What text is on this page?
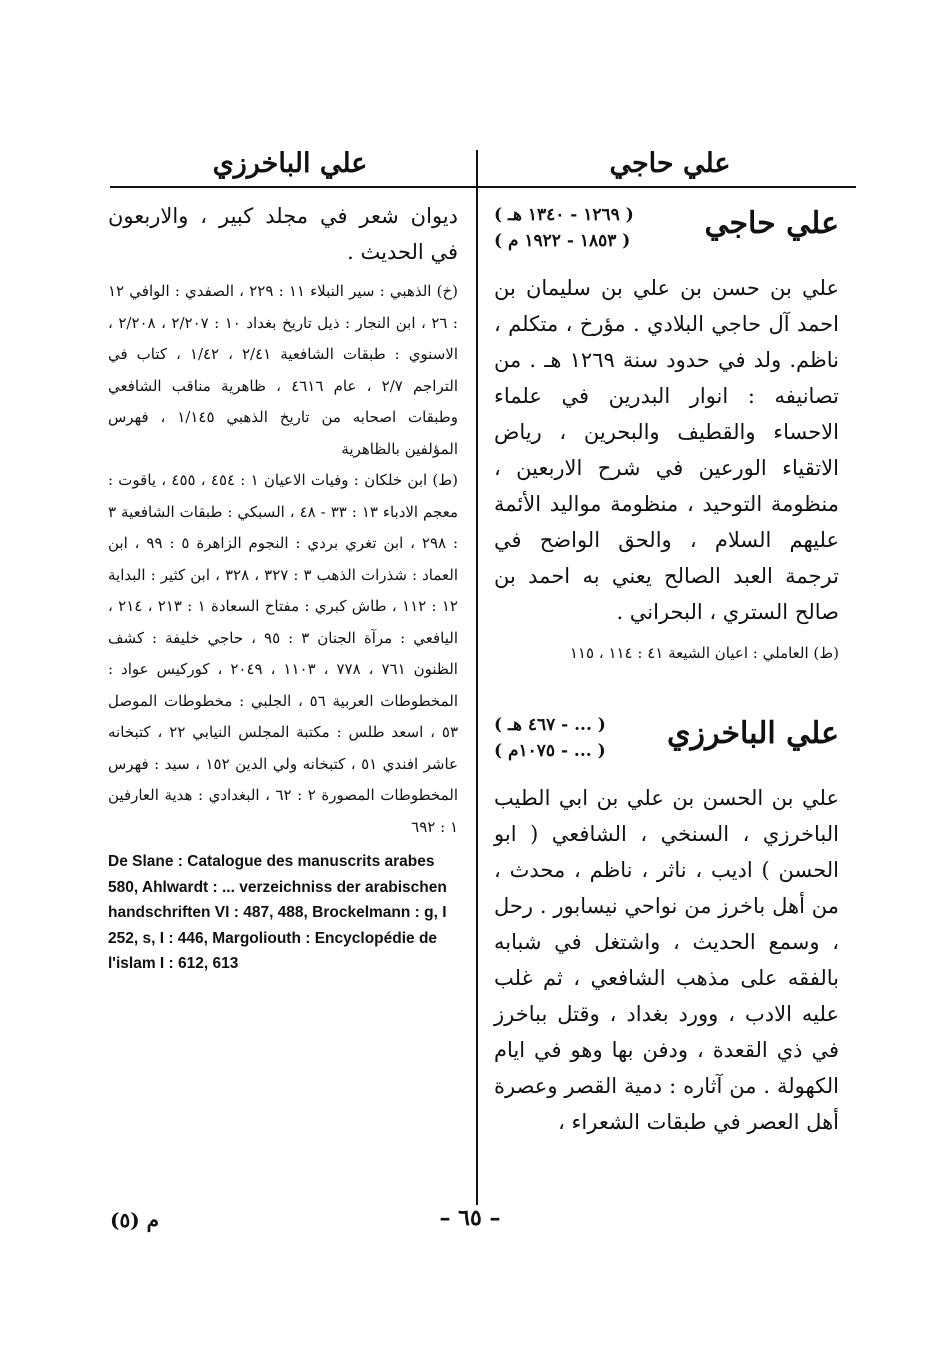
علي حاجي
علي الباخرزي
علي حاجي
( ١٢٦٩ - ١٣٤٠ هـ )
( ١٨٥٣ - ١٩٢٢ م )

علي بن حسن بن علي بن سليمان بن احمد آل حاجي البلادي . مؤرخ ، متكلم ، ناظم. ولد في حدود سنة ١٢٦٩ هـ . من تصانيفه : انوار البدرين في علماء الاحساء والقطيف والبحرين ، رياض الاتقياء الورعين في شرح الاربعين ، منظومة التوحيد ، منظومة مواليد الأئمة عليهم السلام ، والحق الواضح في ترجمة العبد الصالح يعني به احمد بن صالح الستري ، البحراني .

(ط) العاملي : اعيان الشيعة ٤١ : ١١٤ ، ١١٥

علي الباخرزي
( ... - ٤٦٧ هـ )
( ... - ١٠٧٥م )

علي بن الحسن بن علي بن ابي الطيب الباخرزي ، السنخي ، الشافعي ( ابو الحسن ) اديب ، ناثر ، ناظم ، محدث ، من أهل باخرز من نواحي نيسابور . رحل ، وسمع الحديث ، واشتغل في شبابه بالفقه على مذهب الشافعي ، ثم غلب عليه الادب ، وورد بغداد ، وقتل بباخرز في ذي القعدة ، ودفن بها وهو في ايام الكهولة . من آثاره : دمية القصر وعصرة أهل العصر في طبقات الشعراء ،

ديوان شعر في مجلد كبير ، والاربعون في الحديث .

(خ) الذهبي : سير النبلاء ١١ : ٢٢٩ ، الصفدي : الوافي ١٢ : ٢٦ ، ابن النجار : ذيل تاريخ بغداد ١٠ : ٢/٢٠٧ ، ٢/٢٠٨ ، الاسنوي : طبقات الشافعية ٢/٤١ ، ١/٤٢ ، كتاب في التراجم ٢/٧ ، عام ٤٦١٦ ، ظاهرية مناقب الشافعي وطبقات اصحابه من تاريخ الذهبي ١/١٤٥ ، فهرس المؤلفين بالظاهرية

(ط) ابن خلكان : وفيات الاعيان ١ : ٤٥٤ ، ٤٥٥ ، ياقوت : معجم الادباء ١٣ : ٣٣ - ٤٨ ، السبكي : طبقات الشافعية ٣ : ٢٩٨ ، ابن تغري بردي : النجوم الزاهرة ٥ : ٩٩ ، ابن العماد : شذرات الذهب ٣ : ٣٢٧ ، ٣٢٨ ، ابن كثير : البداية ١٢ : ١١٢ ، طاش كبري : مفتاح السعادة ١ : ٢١٣ ، ٢١٤ ، اليافعي : مرآة الجنان ٣ : ٩٥ ، حاجي خليفة : كشف الظنون ٧٦١ ، ٧٧٨ ، ١١٠٣ ، ٢٠٤٩ ، كوركيس عواد : المخطوطات العربية ٥٦ ، الجلبي : مخطوطات الموصل ٥٣ ، اسعد طلس : مكتبة المجلس النيابي ٢٢ ، كتبخانه عاشر افندي ٥١ ، كتبخانه ولي الدين ١٥٢ ، سيد : فهرس المخطوطات المصورة ٢ : ٦٢ ، البغدادي : هدية العارفين ١ : ٦٩٢

De Slane : Catalogue des manuscrits arabes 580, Ahlwardt : ... verzeichniss der arabischen handschriften VI : 487, 488, Brockelmann : g, I 252, s, I : 446, Margoliouth : Encyclopédie de l'islam I : 612, 613

– ٦٥ –
م (٥)
